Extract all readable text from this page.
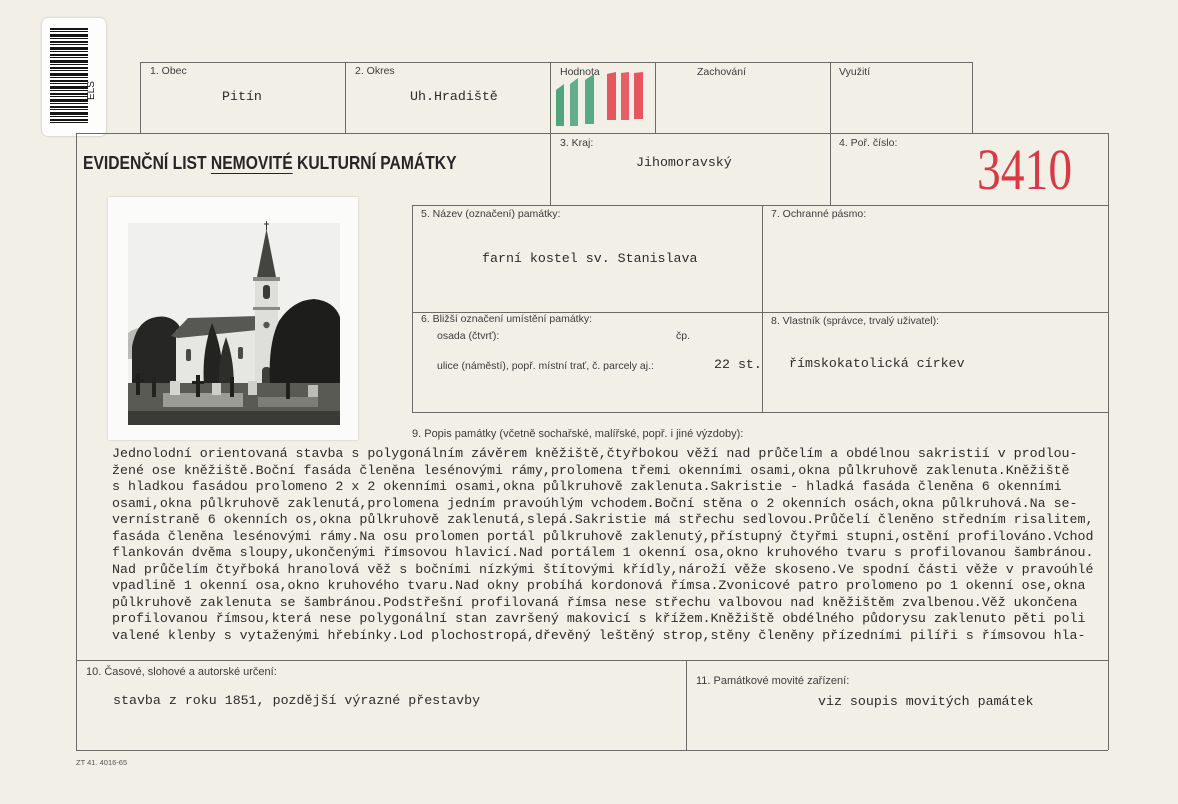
ELS
1. Obec
Pitín
2. Okres
Uh.Hradiště
Hodnota	Zachování	Využití
EVIDENČNÍ LIST NEMOVITÉ KULTURNÍ PAMÁTKY
3. Kraj:
Jihomoravský
4. Poř. číslo: 3410
5. Název (označení) památky:
farní kostel sv. Stanislava
7. Ochranné pásmo:
6. Bližší označení umístění památky:
osada (čtvrť):	čp.
ulice (náměstí), popř. místní trať, č. parcely aj.:	22 st.
8. Vlastník (správce, trvalý uživatel):
římskokatolická církev
9. Popis památky (včetně sochařské, malířské, popř. i jiné výzdoby):
Jednolodní orientovaná stavba s polygonálním závěrem kněžiště,čtyřbokou věží nad průčelím a obdélnou sakristií v prodlou-
žené ose kněžiště.Boční fasáda členěna lesénovými rámy,prolomena třemi okenními osami,okna půlkruhově zaklenuta.Kněžiště
s hladkou fasádou prolomeno 2 x 2 okenními osami,okna půlkruhově zaklenuta.Sakristie - hladká fasáda členěna 6 okenními
osami,okna půlkruhově zaklenutá,prolomena jedním pravoúhlým vchodem.Boční stěna o 2 okenních osách,okna půlkruhová.Na se-
vernístraně 6 okenních os,okna půlkruhově zaklenutá,slepá.Sakristie má střechu sedlovou.Průčelí členěno středním risalitem,
fasáda členěna lesénovými rámy.Na osu prolomen portál půlkruhově zaklenutý,přístupný čtyřmi stupni,ostění profilováno.Vchod
flankován dvěma sloupy,ukončenými římsovou hlavicí.Nad portálem 1 okenní osa,okno kruhového tvaru s profilovanou šambránou.
Nad průčelím čtyřboká hranolová věž s bočními nízkými štítovými křídly,nároží věže skoseno.Ve spodní části věže v pravoúhlé
vpadlině 1 okenní osa,okno kruhového tvaru.Nad okny probíhá kordonová římsa.Zvonicové patro prolomeno po 1 okenní ose,okna
půlkruhově zaklenuta se šambránou.Podstřešní profilovaná římsa nese střechu valbovou nad kněžištěm zvalbenou.Věž ukončena
profilovanou římsou,která nese polygonální stan završený makovicí s křížem.Kněžiště obdélného půdorysu zaklenuto pěti poli
valené klenby s vytaženými hřebínky.Lod plochostropá,dřevěný leštěný strop,stěny členěny přízedními pilíři s římsovou hla-
10. Časové, slohové a autorské určení:
stavba z roku 1851, pozdější výrazné přestavby
11. Památkové movité zařízení:
viz soupis movitých památek
ZT 41. 4016-65
